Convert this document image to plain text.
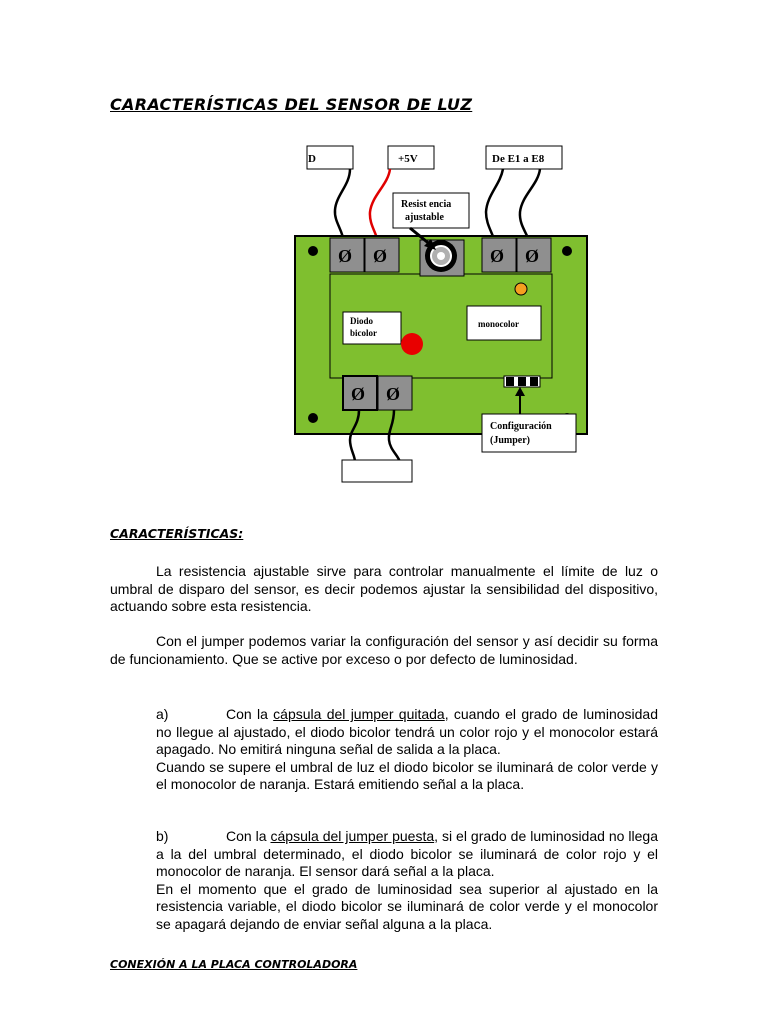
CARACTERÍSTICAS DEL SENSOR DE LUZ
D	+5V	De E1 a E8
Resist encia
ajustable
Ø Ø	Ø Ø
Diodo
bicolor
monocolor
Ø Ø
Configuración
(Jumper)

CARACTERÍSTICAS:

La resistencia ajustable sirve para controlar manualmente el límite de luz o umbral de disparo del sensor, es decir podemos ajustar la sensibilidad del dispositivo, actuando sobre esta resistencia.

Con el jumper podemos variar la configuración del sensor y así decidir su forma de funcionamiento. Que se active por exceso o por defecto de luminosidad.

a)	Con la cápsula del jumper quitada, cuando el grado de luminosidad no llegue al ajustado, el diodo bicolor tendrá un color rojo y el monocolor estará apagado. No emitirá ninguna señal de salida a la placa.
Cuando se supere el umbral de luz el diodo bicolor se iluminará de color verde y el monocolor de naranja. Estará emitiendo señal a la placa.
b)	Con la cápsula del jumper puesta, si el grado de luminosidad no llega a la del umbral determinado, el diodo bicolor se iluminará de color rojo y el monocolor de naranja. El sensor dará señal a la placa.
En el momento que el grado de luminosidad sea superior al ajustado en la resistencia variable, el diodo bicolor se iluminará de color verde y el monocolor se apagará dejando de enviar señal alguna a la placa.

CONEXIÓN A LA PLACA CONTROLADORA
